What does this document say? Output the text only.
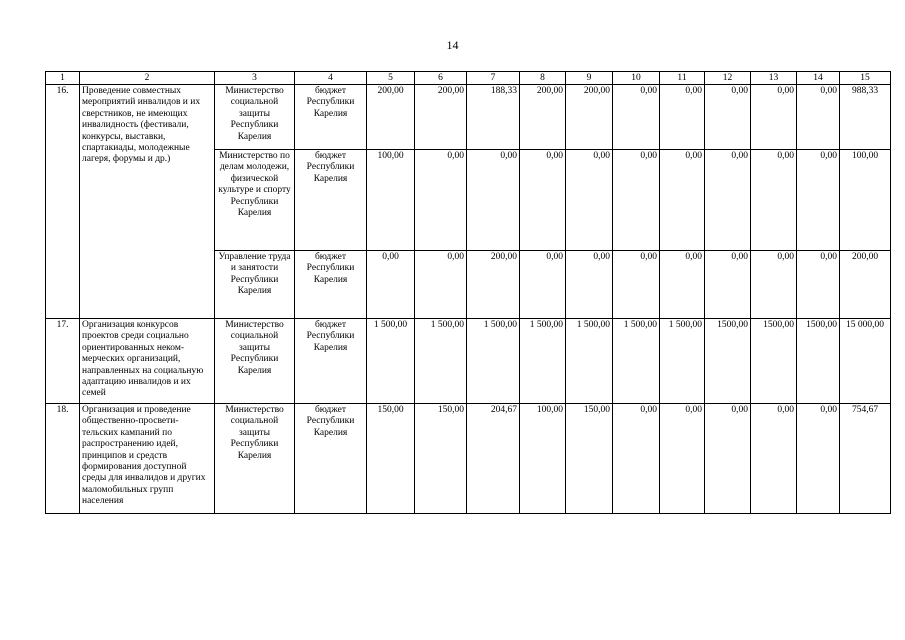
14
1	2	3	4	5	6	7	8	9	10	11	12	13	14	15
16.	Проведение совместных мероприятий инвалидов и их сверстников, не имеющих инвалидность (фестивали, конкурсы, выставки, спартакиады, молодежные лагеря, форумы и др.)	Министерство социальной защиты Республики Карелия	бюджет Республики Карелия	200,00	200,00	188,33	200,00	200,00	0,00	0,00	0,00	0,00	0,00	988,33
		Министерство по делам молодежи, физической культуре и спорту Республики Карелия	бюджет Республики Карелия	100,00	0,00	0,00	0,00	0,00	0,00	0,00	0,00	0,00	0,00	100,00
		Управление труда и занятости Республики Карелия	бюджет Республики Карелия	0,00	0,00	200,00	0,00	0,00	0,00	0,00	0,00	0,00	0,00	200,00
17.	Организация конкурсов проектов среди социально ориентированных неком-мерческих организаций, направленных на социальную адаптацию инвалидов и их семей	Министерство социальной защиты Республики Карелия	бюджет Республики Карелия	1 500,00	1 500,00	1 500,00	1 500,00	1 500,00	1 500,00	1 500,00	1500,00	1500,00	1500,00	15 000,00
18.	Организация и проведение общественно-просвети-тельских кампаний по распространению идей, принципов и средств формирования доступной среды для инвалидов и других маломобильных групп населения	Министерство социальной защиты Республики Карелия	бюджет Республики Карелия	150,00	150,00	204,67	100,00	150,00	0,00	0,00	0,00	0,00	0,00	754,67
